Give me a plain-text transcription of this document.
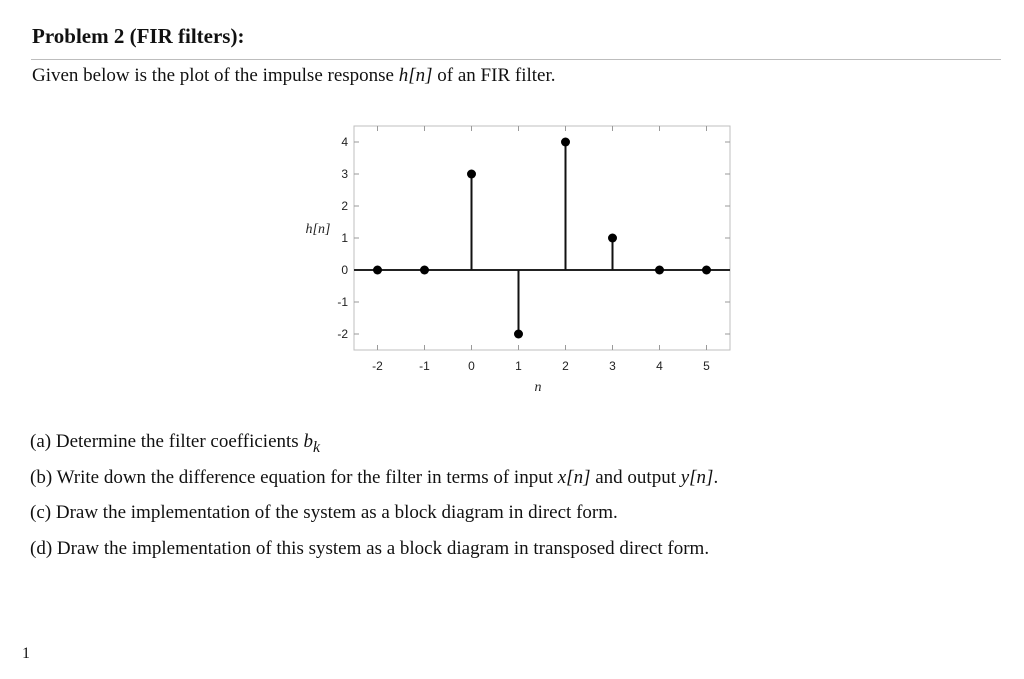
Problem 2 (FIR filters):
Given below is the plot of the impulse response h[n] of an FIR filter.
-2	-1	0	1	2	3	4	5
4
3
2
1
0
-1
-2
n
h[n]
(a) Determine the filter coefficients $b_k$
(b) Write down the difference equation for the filter in terms of input x[n] and output y[n].
(c) Draw the implementation of the system as a block diagram in direct form.
(d) Draw the implementation of this system as a block diagram in transposed direct form.
1
